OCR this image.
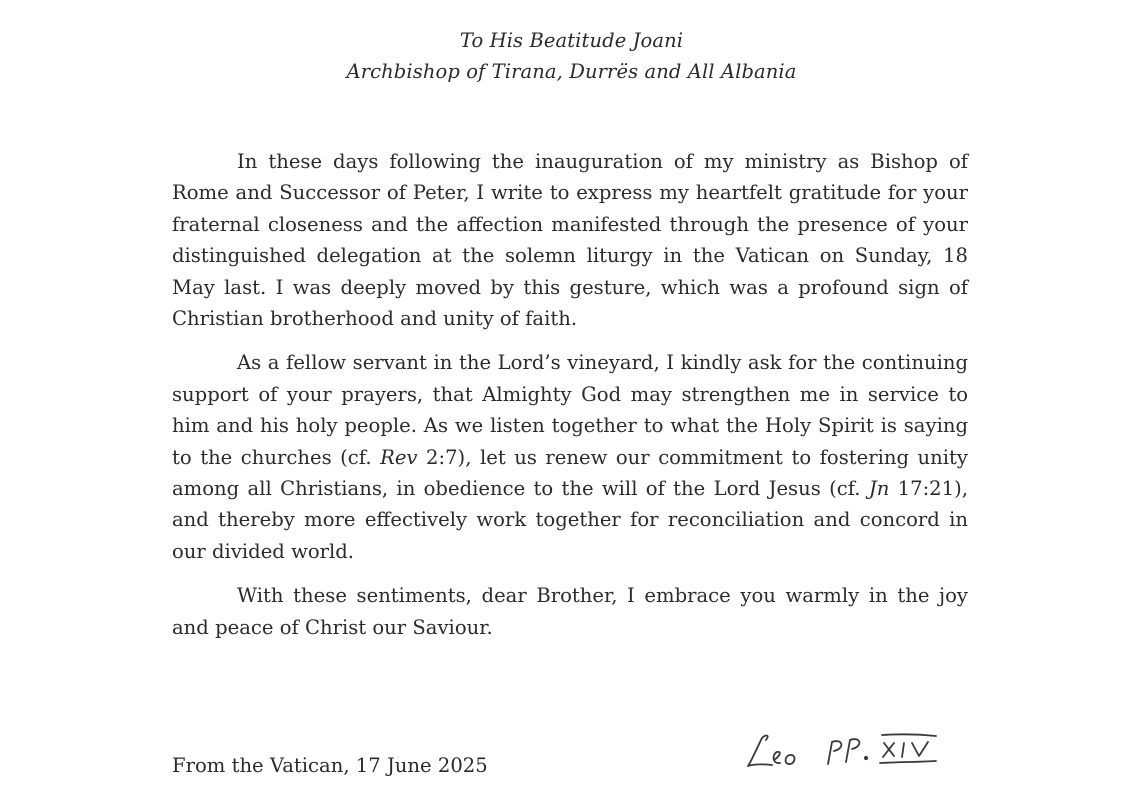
To His Beatitude Joani
Archbishop of Tirana, Durrës and All Albania

In these days following the inauguration of my ministry as Bishop of Rome and Successor of Peter, I write to express my heartfelt gratitude for your fraternal closeness and the affection manifested through the presence of your distinguished delegation at the solemn liturgy in the Vatican on Sunday, 18 May last. I was deeply moved by this gesture, which was a profound sign of Christian brotherhood and unity of faith.

As a fellow servant in the Lord’s vineyard, I kindly ask for the continuing support of your prayers, that Almighty God may strengthen me in service to him and his holy people. As we listen together to what the Holy Spirit is saying to the churches (cf. Rev 2:7), let us renew our commitment to fostering unity among all Christians, in obedience to the will of the Lord Jesus (cf. Jn 17:21), and thereby more effectively work together for reconciliation and concord in our divided world.

With these sentiments, dear Brother, I embrace you warmly in the joy and peace of Christ our Saviour.

From the Vatican, 17 June 2025
